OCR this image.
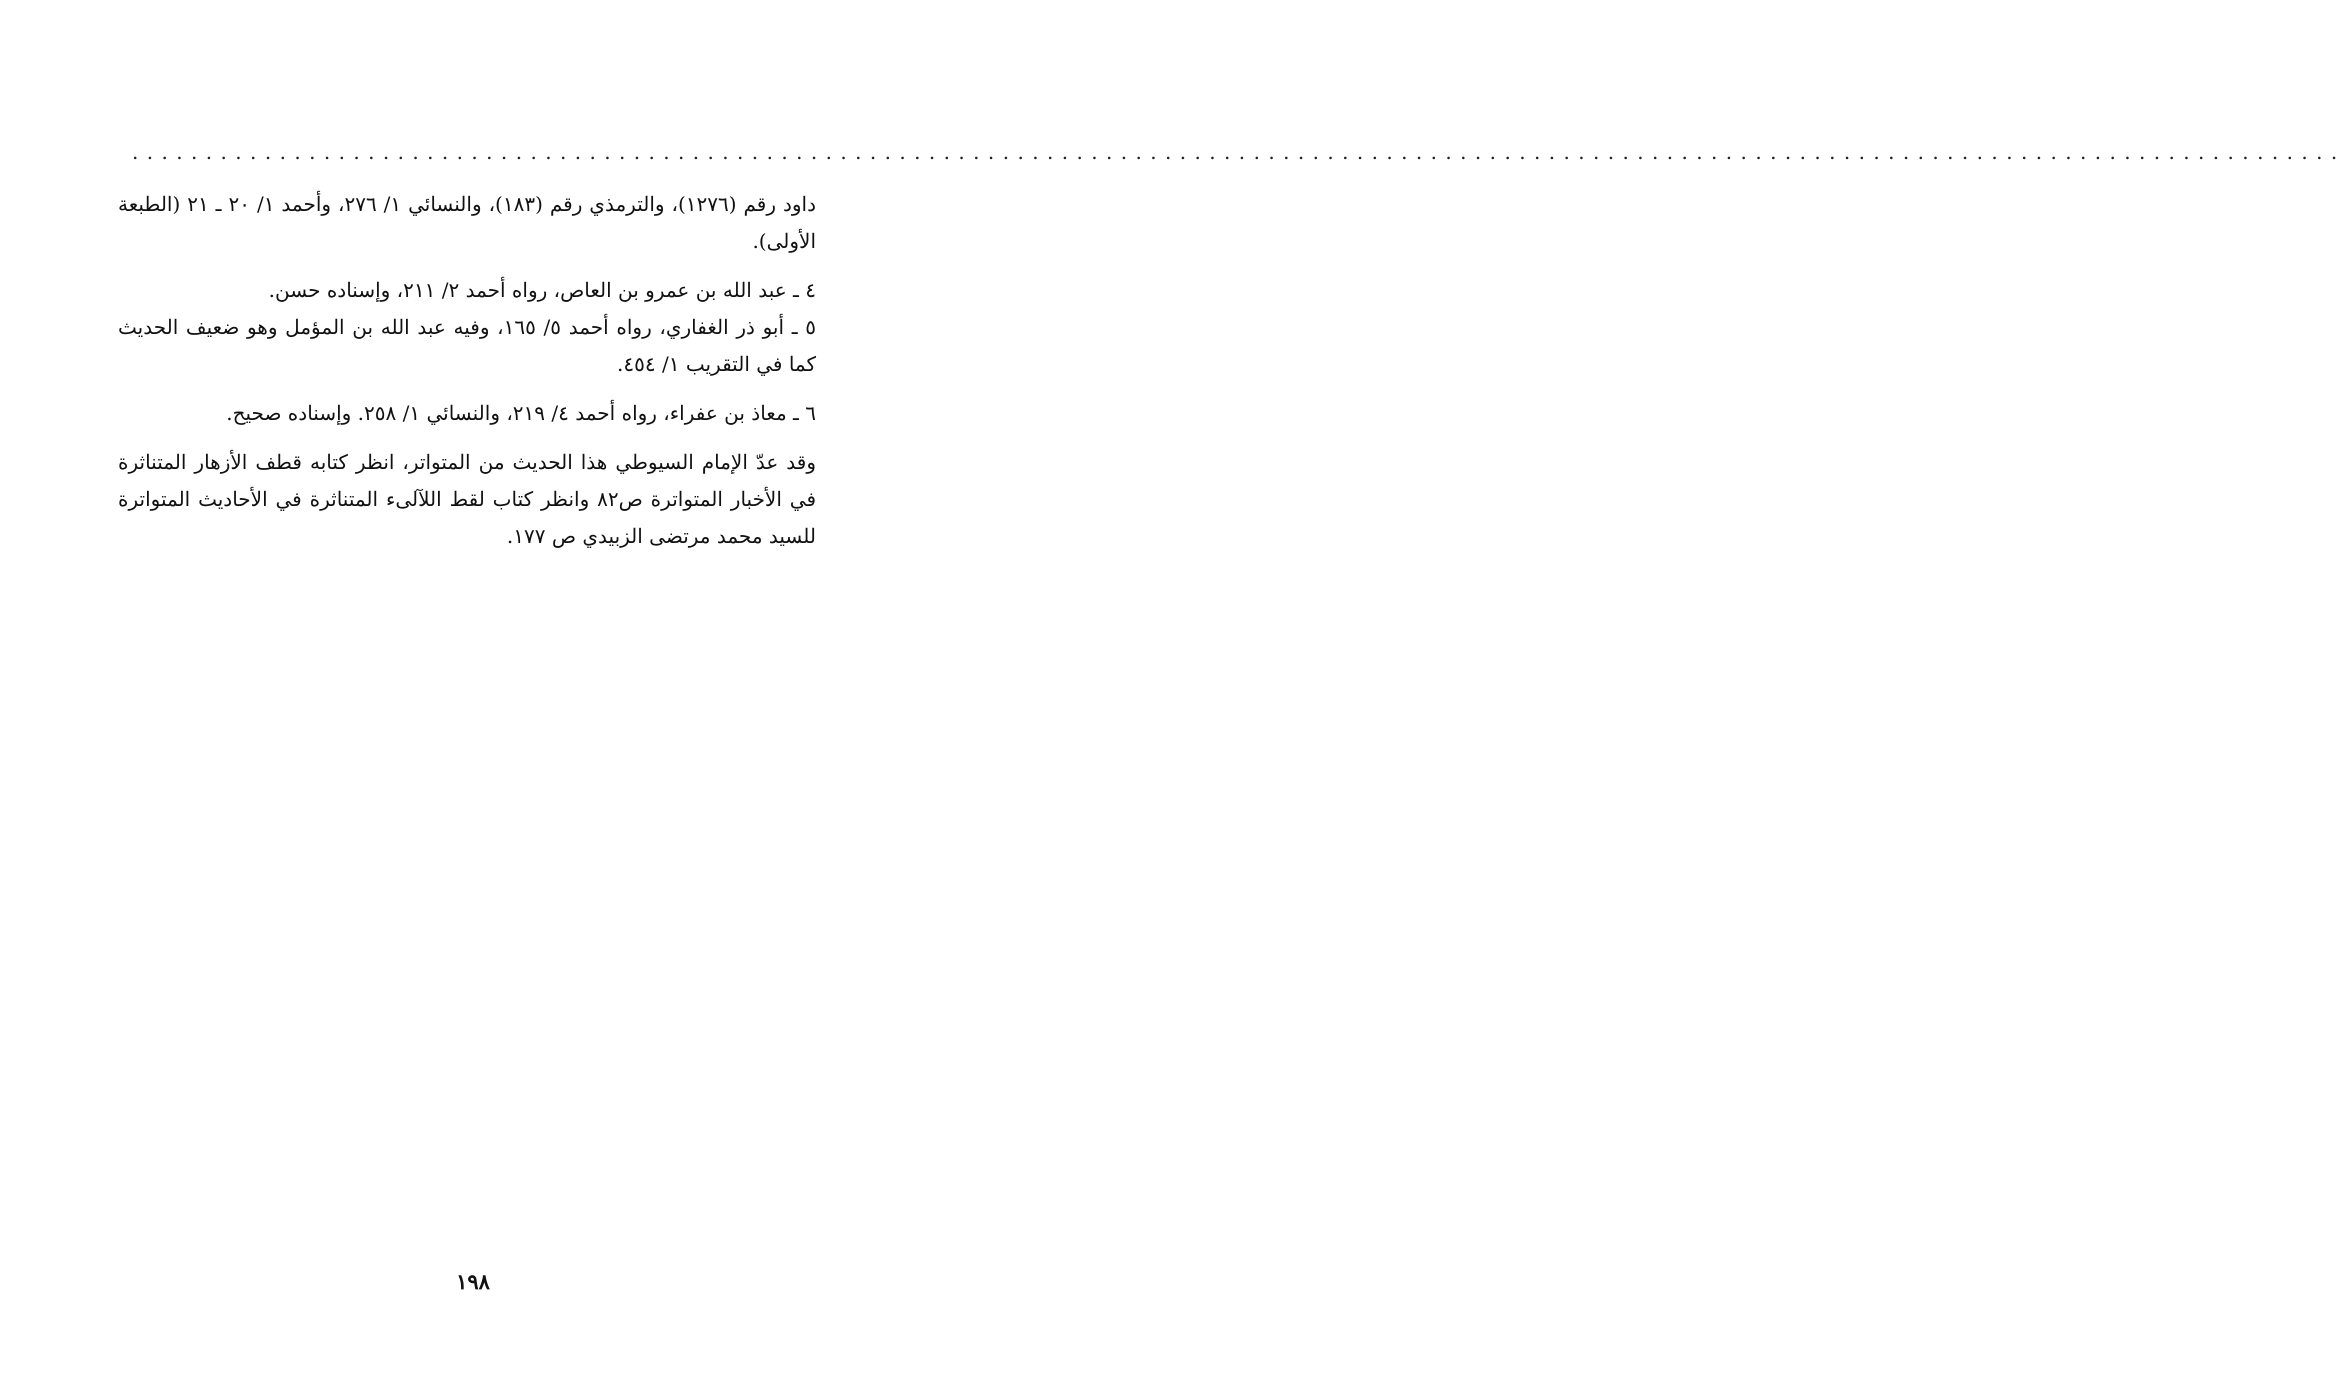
......................................................................................................................................................

داود رقم (١٢٧٦)، والترمذي رقم (١٨٣)، والنسائي ١/ ٢٧٦، وأحمد ١/ ٢٠ ـ ٢١ (الطبعة الأولى).

٤ ـ عبد الله بن عمرو بن العاص، رواه أحمد ٢/ ٢١١، وإسناده حسن.

٥ ـ أبو ذر الغفاري، رواه أحمد ٥/ ١٦٥، وفيه عبد الله بن المؤمل وهو ضعيف الحديث كما في التقريب ١/ ٤٥٤.

٦ ـ معاذ بن عفراء، رواه أحمد ٤/ ٢١٩، والنسائي ١/ ٢٥٨. وإسناده صحيح.

وقد عدّ الإمام السيوطي هذا الحديث من المتواتر، انظر كتابه قطف الأزهار المتناثرة في الأخبار المتواترة ص٨٢ وانظر كتاب لقط اللآلىء المتناثرة في الأحاديث المتواترة للسيد محمد مرتضى الزبيدي ص ١٧٧.

١٩٨
